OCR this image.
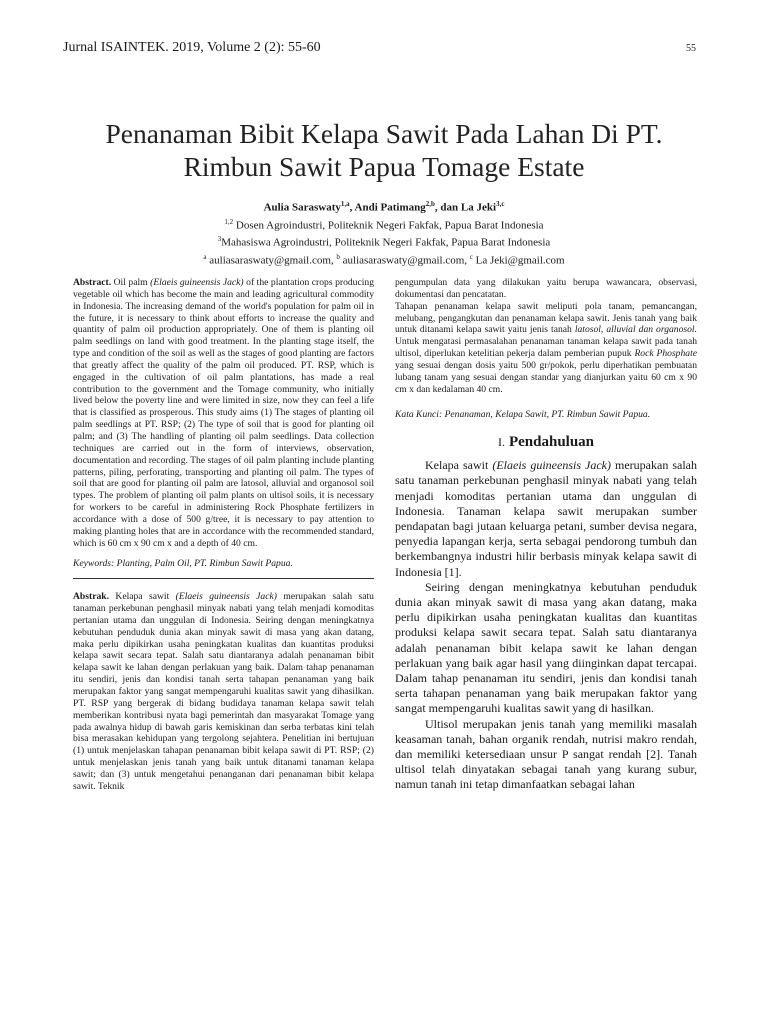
Jurnal ISAINTEK. 2019, Volume 2 (2): 55-60	55
Penanaman Bibit Kelapa Sawit Pada Lahan Di PT.
Rimbun Sawit Papua Tomage Estate
Aulia Saraswaty$^{1,a}$, Andi Patimang$^{2,b}$, dan La Jeki$^{3,c}$
$^{1,2}$ Dosen Agroindustri, Politeknik Negeri Fakfak, Papua Barat Indonesia
$^3$Mahasiswa Agroindustri, Politeknik Negeri Fakfak, Papua Barat Indonesia
$^a$ auliasaraswaty@gmail.com, $^b$ auliasaraswaty@gmail.com, $^c$ La Jeki@gmail.com

Abstract. Oil palm (Elaeis guineensis Jack) of the plantation crops producing vegetable oil which has become the main and leading agricultural commodity in Indonesia. The increasing demand of the world's population for palm oil in the future, it is necessary to think about efforts to increase the quality and quantity of palm oil production appropriately. One of them is planting oil palm seedlings on land with good treatment. In the planting stage itself, the type and condition of the soil as well as the stages of good planting are factors that greatly affect the quality of the palm oil produced. PT. RSP, which is engaged in the cultivation of oil palm plantations, has made a real contribution to the government and the Tomage community, who initially lived below the poverty line and were limited in size, now they can feel a life that is classified as prosperous. This study aims (1) The stages of planting oil palm seedlings at PT. RSP; (2) The type of soil that is good for planting oil palm; and (3) The handling of planting oil palm seedlings. Data collection techniques are carried out in the form of interviews, observation, documentation and recording. The stages of oil palm planting include planting patterns, piling, perforating, transporting and planting oil palm. The types of soil that are good for planting oil palm are latosol, alluvial and organosol soil types. The problem of planting oil palm plants on ultisol soils, it is necessary for workers to be careful in administering Rock Phosphate fertilizers in accordance with a dose of 500 g/tree, it is necessary to pay attention to making planting holes that are in accordance with the recommended standard, which is 60 cm x 90 cm x and a depth of 40 cm.

Keywords: Planting, Palm Oil, PT. Rimbun Sawit Papua.

Abstrak. Kelapa sawit (Elaeis guineensis Jack) merupakan salah satu tanaman perkebunan penghasil minyak nabati yang telah menjadi komoditas pertanian utama dan unggulan di Indonesia. Seiring dengan meningkatnya kebutuhan penduduk dunia akan minyak sawit di masa yang akan datang, maka perlu dipikirkan usaha peningkatan kualitas dan kuantitas produksi kelapa sawit secara tepat. Salah satu diantaranya adalah penanaman bibit kelapa sawit ke lahan dengan perlakuan yang baik. Dalam tahap penanaman itu sendiri, jenis dan kondisi tanah serta tahapan penanaman yang baik merupakan faktor yang sangat mempengaruhi kualitas sawit yang dihasilkan. PT. RSP yang bergerak di bidang budidaya tanaman kelapa sawit telah memberikan kontribusi nyata bagi pemerintah dan masyarakat Tomage yang pada awalnya hidup di bawah garis kemiskinan dan serba terbatas kini telah bisa merasakan kehidupan yang tergolong sejahtera. Penelitian ini bertujuan (1) untuk menjelaskan tahapan penanaman bibit kelapa sawit di PT. RSP; (2) untuk menjelaskan jenis tanah yang baik untuk ditanami tanaman kelapa sawit; dan (3) untuk mengetahui penanganan dari penanaman bibit kelapa sawit. Teknik

pengumpulan data yang dilakukan yaitu berupa wawancara, observasi, dokumentasi dan pencatatan.

Tahapan penanaman kelapa sawit meliputi pola tanam, pemancangan, melubang, pengangkutan dan penanaman kelapa sawit. Jenis tanah yang baik untuk ditanami kelapa sawit yaitu jenis tanah latosol, alluvial dan organosol. Untuk mengatasi permasalahan penanaman tanaman kelapa sawit pada tanah ultisol, diperlukan ketelitian pekerja dalam pemberian pupuk Rock Phosphate yang sesuai dengan dosis yaitu 500 gr/pokok, perlu diperhatikan pembuatan lubang tanam yang sesuai dengan standar yang dianjurkan yaitu 60 cm x 90 cm x dan kedalaman 40 cm.

Kata Kunci: Penanaman, Kelapa Sawit, PT. Rimbun Sawit Papua.

I. Pendahuluan

Kelapa sawit (Elaeis guineensis Jack) merupakan salah satu tanaman perkebunan penghasil minyak nabati yang telah menjadi komoditas pertanian utama dan unggulan di Indonesia. Tanaman kelapa sawit merupakan sumber pendapatan bagi jutaan keluarga petani, sumber devisa negara, penyedia lapangan kerja, serta sebagai pendorong tumbuh dan berkembangnya industri hilir berbasis minyak kelapa sawit di Indonesia [1].

Seiring dengan meningkatnya kebutuhan penduduk dunia akan minyak sawit di masa yang akan datang, maka perlu dipikirkan usaha peningkatan kualitas dan kuantitas produksi kelapa sawit secara tepat. Salah satu diantaranya adalah penanaman bibit kelapa sawit ke lahan dengan perlakuan yang baik agar hasil yang diinginkan dapat tercapai. Dalam tahap penanaman itu sendiri, jenis dan kondisi tanah serta tahapan penanaman yang baik merupakan faktor yang sangat mempengaruhi kualitas sawit yang di hasilkan.

Ultisol merupakan jenis tanah yang memiliki masalah keasaman tanah, bahan organik rendah, nutrisi makro rendah, dan memiliki ketersediaan unsur P sangat rendah [2]. Tanah ultisol telah dinyatakan sebagai tanah yang kurang subur, namun tanah ini tetap dimanfaatkan sebagai lahan
